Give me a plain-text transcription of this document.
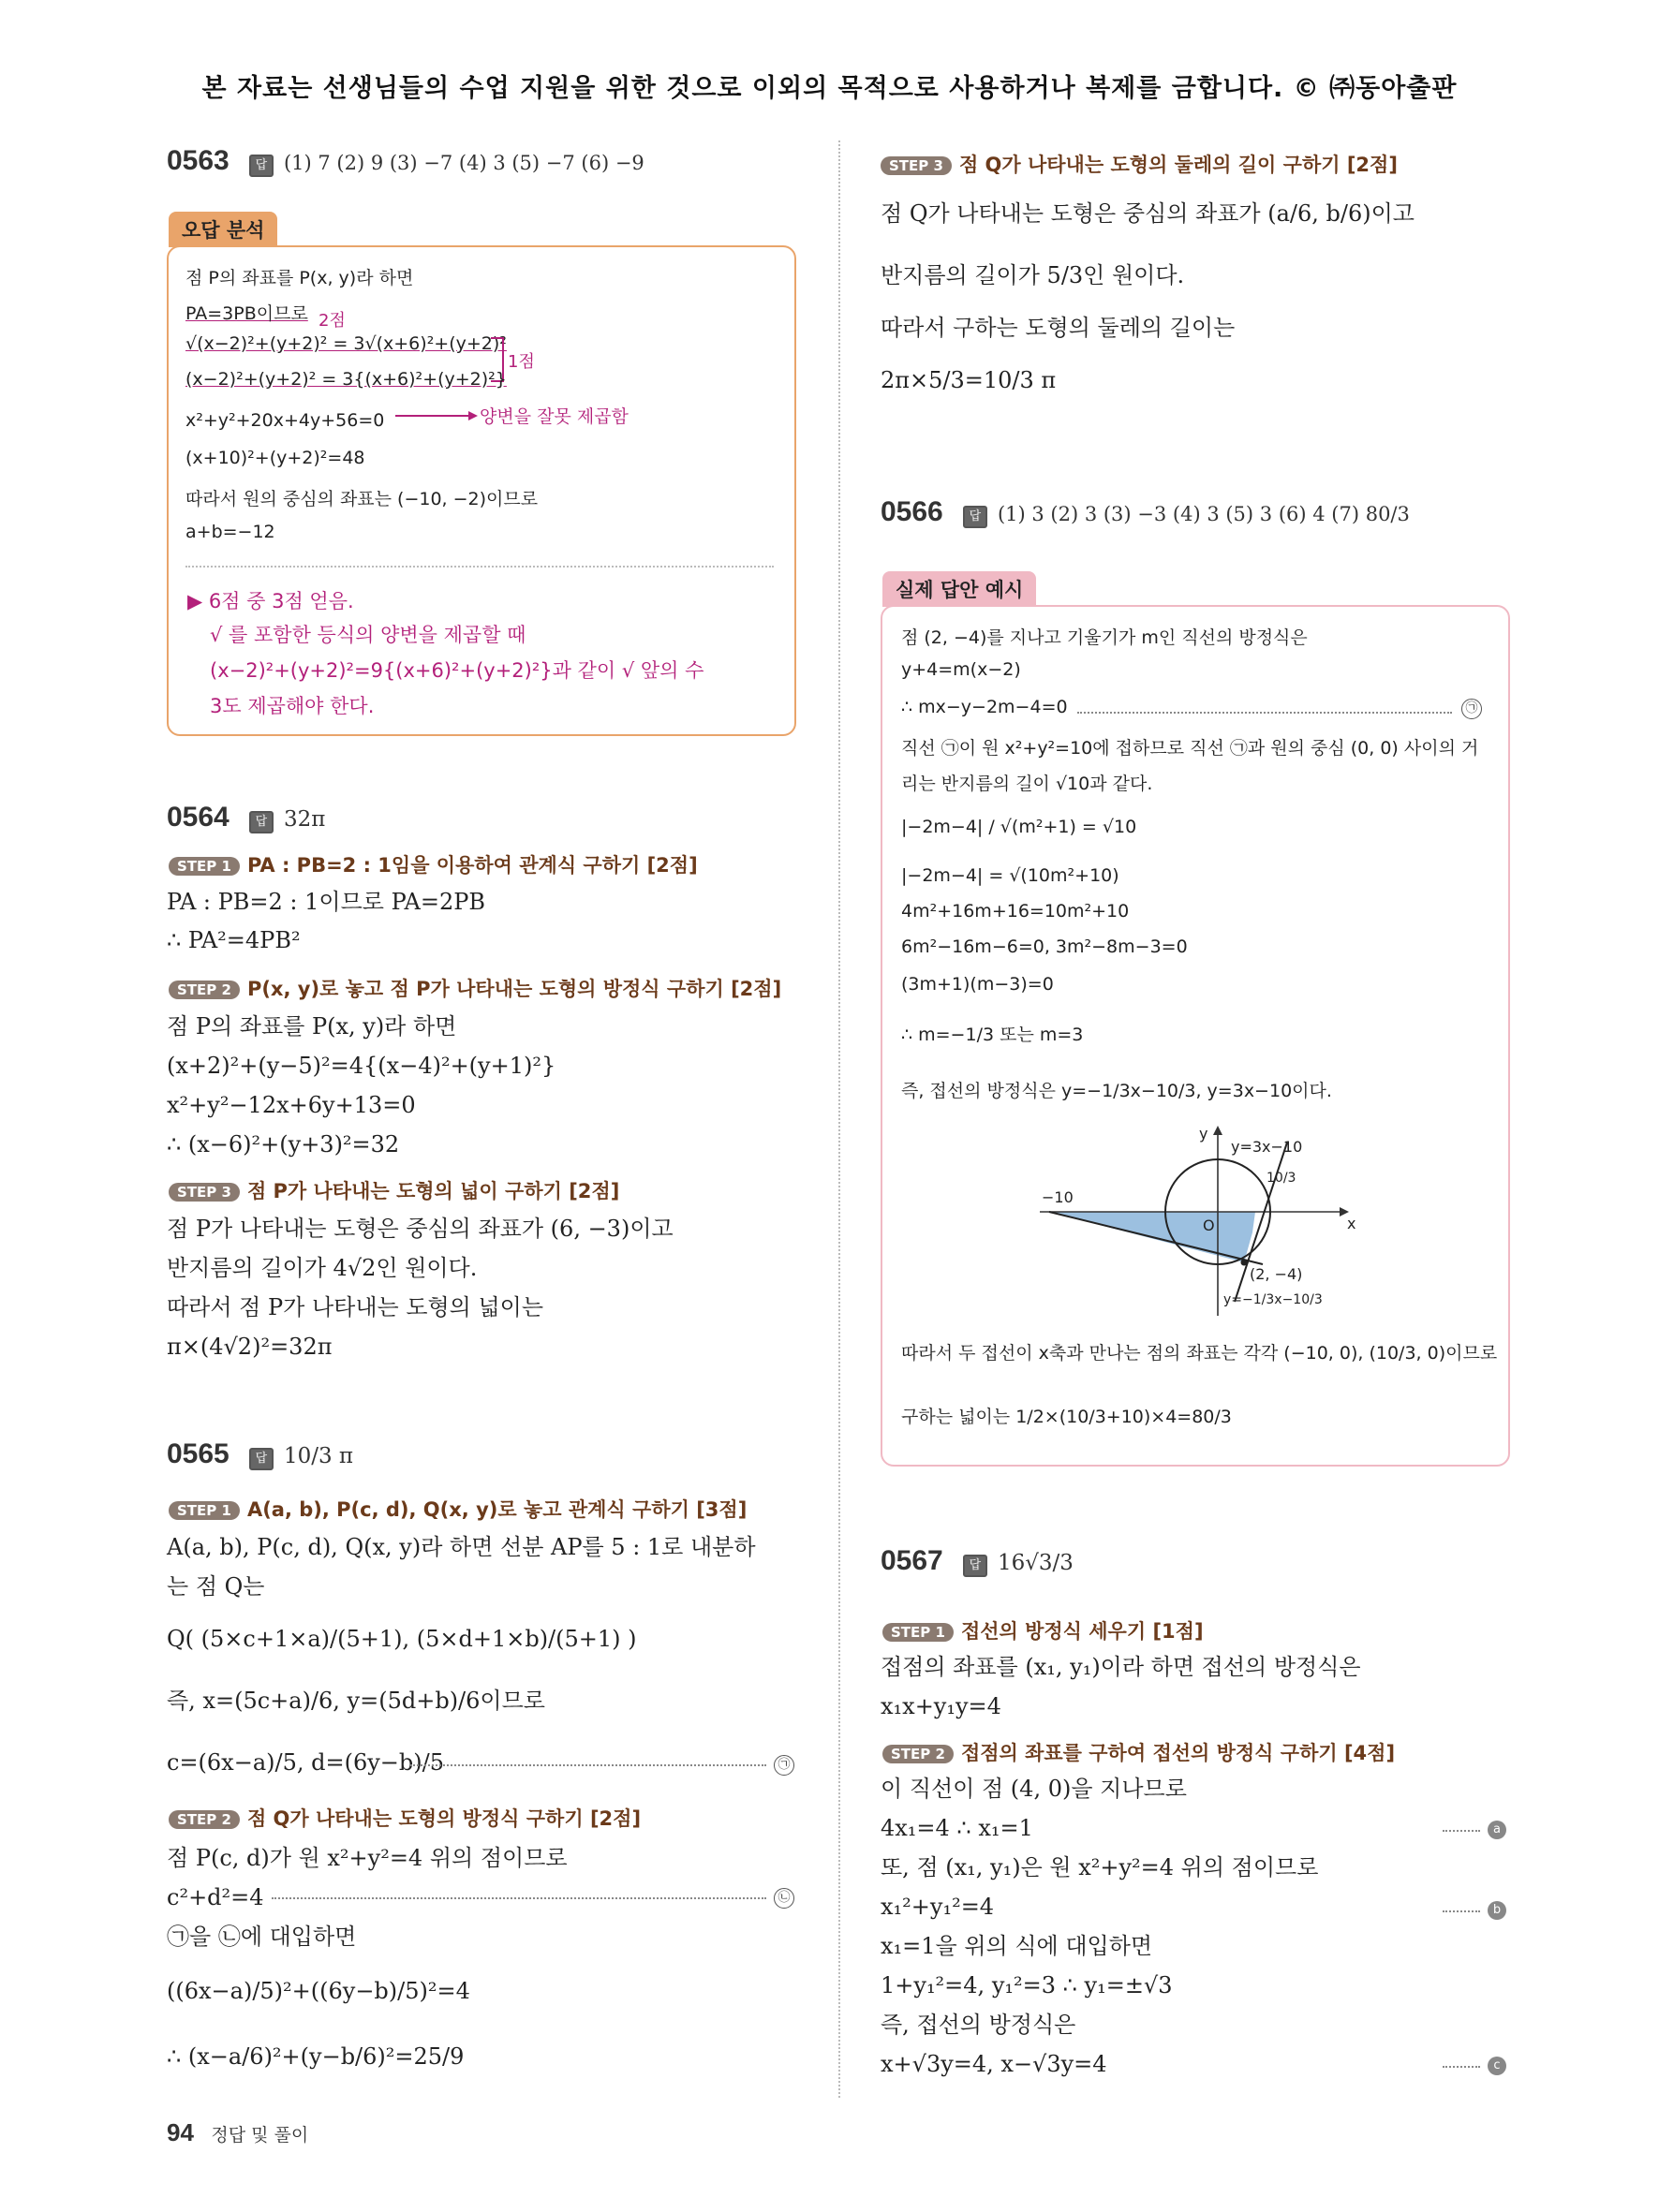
본 자료는 선생님들의 수업 지원을 위한 것으로 이외의 목적으로 사용하거나 복제를 금합니다. © ㈜동아출판
0563 답 (1) 7 (2) 9 (3) −7 (4) 3 (5) −7 (6) −9
오답 분석
점 P의 좌표를 P(x, y)라 하면
PA=3PB이므로 2점
√(x−2)²+(y+2)² = 3√(x+6)²+(y+2)²
1점
(x−2)²+(y+2)² = 3{(x+6)²+(y+2)²}
x²+y²+20x+4y+56=0	양변을 잘못 제곱함
(x+10)²+(y+2)²=48
따라서 원의 중심의 좌표는 (−10, −2)이므로
a+b=−12
▶ 6점 중 3점 얻음.
√ 를 포함한 등식의 양변을 제곱할 때
(x−2)²+(y+2)²=9{(x+6)²+(y+2)²}과 같이 √ 앞의 수
3도 제곱해야 한다.
0564 답 32π
STEP 1 PA : PB=2 : 1임을 이용하여 관계식 구하기 [2점]
PA : PB=2 : 1이므로 PA=2PB
∴ PA²=4PB²
STEP 2 P(x, y)로 놓고 점 P가 나타내는 도형의 방정식 구하기 [2점]
점 P의 좌표를 P(x, y)라 하면
(x+2)²+(y−5)²=4{(x−4)²+(y+1)²}
x²+y²−12x+6y+13=0
∴ (x−6)²+(y+3)²=32
STEP 3 점 P가 나타내는 도형의 넓이 구하기 [2점]
점 P가 나타내는 도형은 중심의 좌표가 (6, −3)이고
반지름의 길이가 4√2인 원이다.
따라서 점 P가 나타내는 도형의 넓이는
π×(4√2)²=32π
0565 답 10/3 π
STEP 1 A(a, b), P(c, d), Q(x, y)로 놓고 관계식 구하기 [3점]
A(a, b), P(c, d), Q(x, y)라 하면 선분 AP를 5 : 1로 내분하
는 점 Q는
Q( (5×c+1×a)/(5+1), (5×d+1×b)/(5+1) )
즉, x=(5c+a)/6, y=(5d+b)/6이므로
c=(6x−a)/5, d=(6y−b)/5	㉠
STEP 2 점 Q가 나타내는 도형의 방정식 구하기 [2점]
점 P(c, d)가 원 x²+y²=4 위의 점이므로
c²+d²=4	㉡
㉠을 ㉡에 대입하면
((6x−a)/5)²+((6y−b)/5)²=4
∴ (x−a/6)²+(y−b/6)²=25/9
STEP 3 점 Q가 나타내는 도형의 둘레의 길이 구하기 [2점]
점 Q가 나타내는 도형은 중심의 좌표가 (a/6, b/6)이고
반지름의 길이가 5/3인 원이다.
따라서 구하는 도형의 둘레의 길이는
2π×5/3=10/3 π
0566 답 (1) 3 (2) 3 (3) −3 (4) 3 (5) 3 (6) 4 (7) 80/3
실제 답안 예시
점 (2, −4)를 지나고 기울기가 m인 직선의 방정식은
y+4=m(x−2)
∴ mx−y−2m−4=0	㉠
직선 ㉠이 원 x²+y²=10에 접하므로 직선 ㉠과 원의 중심 (0, 0) 사이의 거
리는 반지름의 길이 √10과 같다.
|−2m−4| / √(m²+1) = √10
|−2m−4| = √(10m²+10)
4m²+16m+16=10m²+10
6m²−16m−6=0, 3m²−8m−3=0
(3m+1)(m−3)=0
∴ m=−1/3 또는 m=3
즉, 접선의 방정식은 y=−1/3x−10/3, y=3x−10이다.
y
x
O
−10
10/3
y=3x−10
(2, −4)
y=−1/3x−10/3
따라서 두 접선이 x축과 만나는 점의 좌표는 각각 (−10, 0), (10/3, 0)이므로
구하는 넓이는 1/2×(10/3+10)×4=80/3
0567 답 16√3/3
STEP 1 접선의 방정식 세우기 [1점]
접점의 좌표를 (x₁, y₁)이라 하면 접선의 방정식은
x₁x+y₁y=4
STEP 2 접점의 좌표를 구하여 접선의 방정식 구하기 [4점]
이 직선이 점 (4, 0)을 지나므로
4x₁=4 ∴ x₁=1	a
또, 점 (x₁, y₁)은 원 x²+y²=4 위의 점이므로
x₁²+y₁²=4	b
x₁=1을 위의 식에 대입하면
1+y₁²=4, y₁²=3 ∴ y₁=±√3
즉, 접선의 방정식은
x+√3y=4, x−√3y=4	c
94 정답 및 풀이
